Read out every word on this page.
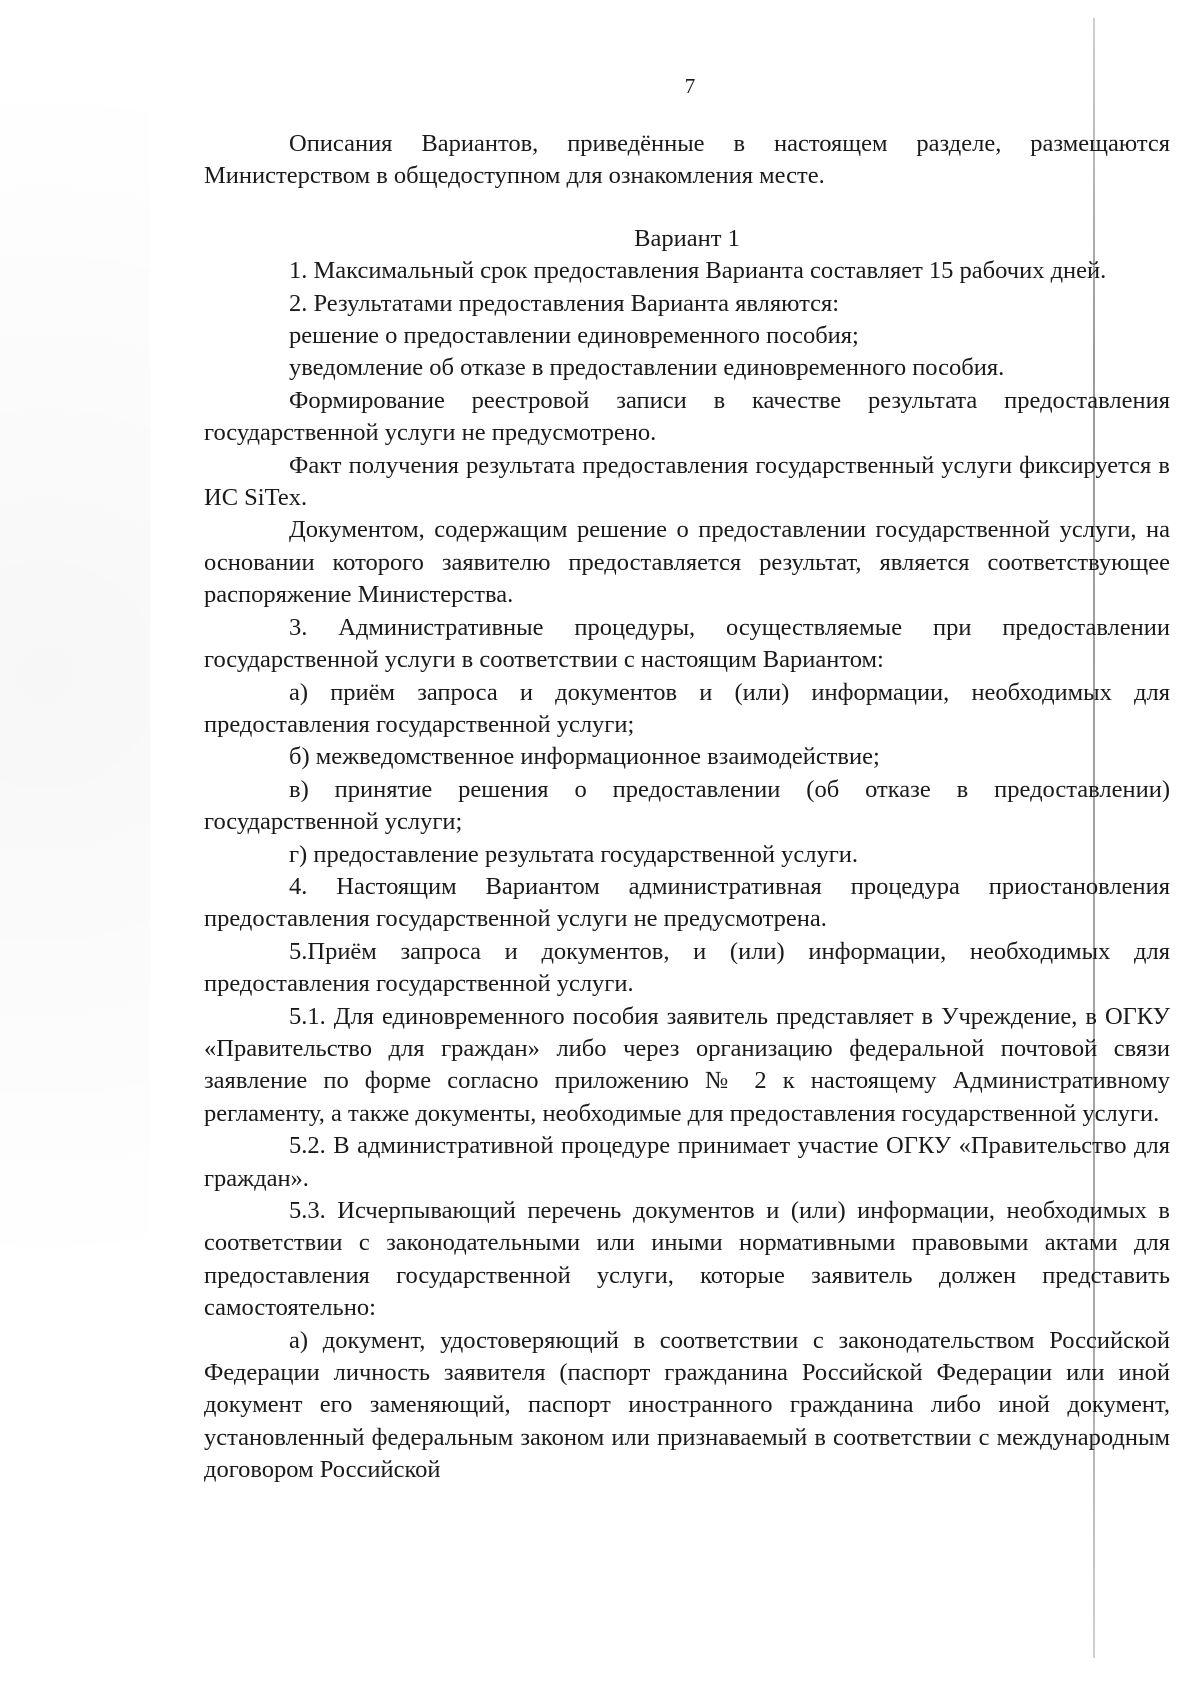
7

Описания Вариантов, приведённые в настоящем разделе, размещаются Министерством в общедоступном для ознакомления месте.

Вариант 1

1. Максимальный срок предоставления Варианта составляет 15 рабочих дней.

2. Результатами предоставления Варианта являются:

решение о предоставлении единовременного пособия;

уведомление об отказе в предоставлении единовременного пособия.

Формирование реестровой записи в качестве результата предоставления государственной услуги не предусмотрено.

Факт получения результата предоставления государственный услуги фиксируется в ИС SiTex.

Документом, содержащим решение о предоставлении государственной услуги, на основании которого заявителю предоставляется результат, является соответствующее распоряжение Министерства.

3. Административные процедуры, осуществляемые при предоставлении государственной услуги в соответствии с настоящим Вариантом:

а) приём запроса и документов и (или) информации, необходимых для предоставления государственной услуги;

б) межведомственное информационное взаимодействие;

в) принятие решения о предоставлении (об отказе в предоставлении) государственной услуги;

г) предоставление результата государственной услуги.

4. Настоящим Вариантом административная процедура приостановления предоставления государственной услуги не предусмотрена.

5.Приём запроса и документов, и (или) информации, необходимых для предоставления государственной услуги.

5.1. Для единовременного пособия заявитель представляет в Учреждение, в ОГКУ «Правительство для граждан» либо через организацию федеральной почтовой связи заявление по форме согласно приложению № 2 к настоящему Административному регламенту, а также документы, необходимые для предоставления государственной услуги.

5.2. В административной процедуре принимает участие ОГКУ «Правительство для граждан».

5.3. Исчерпывающий перечень документов и (или) информации, необходимых в соответствии с законодательными или иными нормативными правовыми актами для предоставления государственной услуги, которые заявитель должен представить самостоятельно:

а) документ, удостоверяющий в соответствии с законодательством Российской Федерации личность заявителя (паспорт гражданина Российской Федерации или иной документ его заменяющий, паспорт иностранного гражданина либо иной документ, установленный федеральным законом или признаваемый в соответствии с международным договором Российской
